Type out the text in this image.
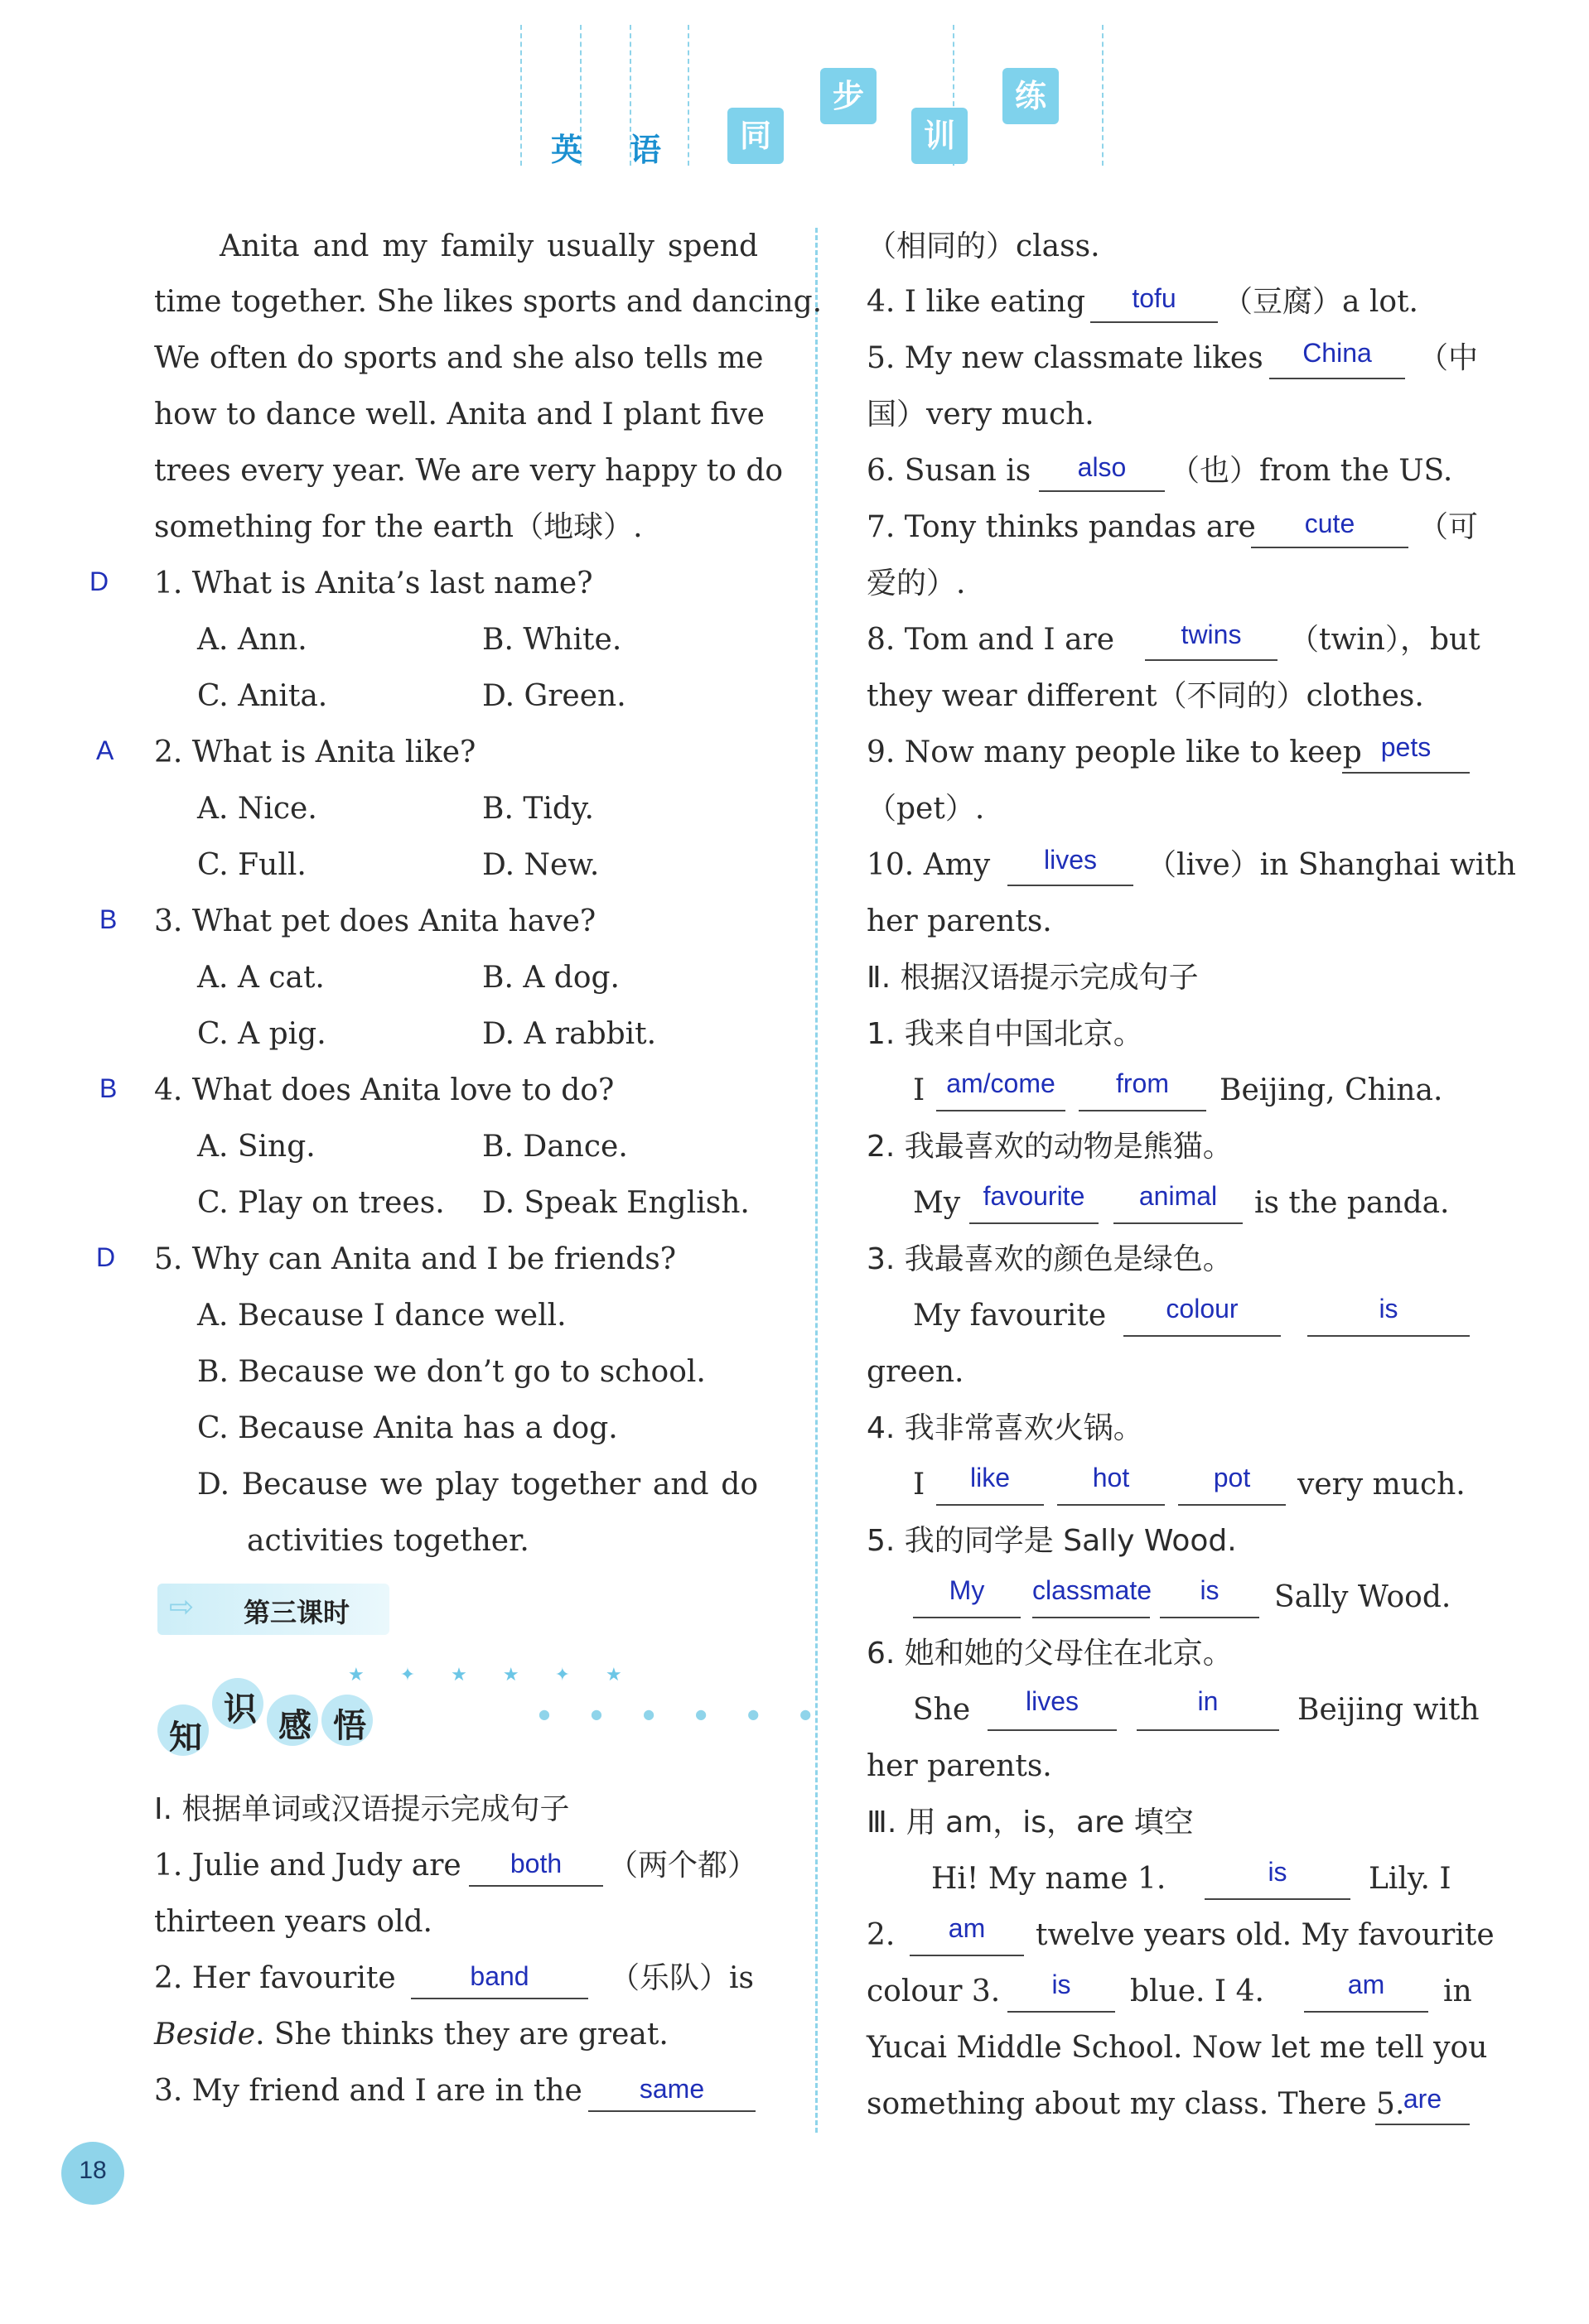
英 语	同
步
训
练
Anita and my family usually spend
time together. She likes sports and dancing.
We often do sports and she also tells me
how to dance well. Anita and I plant five
trees every year. We are very happy to do
something for the earth（地球）.
D 1. What is Anita’s last name?
A. Ann.	B. White.
C. Anita.	D. Green.
A 2. What is Anita like?
A. Nice.	B. Tidy.
C. Full.	D. New.
B 3. What pet does Anita have?
A. A cat.	B. A dog.
C. A pig.	D. A rabbit.
B 4. What does Anita love to do?
A. Sing.	B. Dance.
C. Play on trees. D. Speak English.
D 5. Why can Anita and I be friends?
A. Because I dance well.
B. Because we don’t go to school.
C. Because Anita has a dog.
D. Because we play together and do
activities together.
⇨ 第三课时
知
识 感 悟
★ ✦ ★ ★ ✦ ★
● ● ● ● ● ●
Ⅰ. 根据单词或汉语提示完成句子
1. Julie and Judy are	both	（两个都）
thirteen years old.
2. Her favourite	band	（乐队）is
Beside. She thinks they are great.
3. My friend and I are in the	same
（相同的）class.
4. I like eating	tofu	（豆腐）a lot.
5. My new classmate likes	China	（中
国）very much.
6. Susan is	also	（也）from the US.
7. Tony thinks pandas are	cute	（可
爱的）.
8. Tom and I are	twins	（twin），but
they wear different（不同的）clothes.
9. Now many people like to keep pets
（pet）.
10. Amy	lives	（live）in Shanghai with
her parents.
Ⅱ. 根据汉语提示完成句子
1. 我来自中国北京。
I am/come	from	Beijing, China.
2. 我最喜欢的动物是熊猫。
My favourite	animal	is the panda.
3. 我最喜欢的颜色是绿色。
My favourite	colour	is
green.
4. 我非常喜欢火锅。
I	like	hot	pot	very much.
5. 我的同学是 Sally Wood.
My	classmate	is	Sally Wood.
6. 她和她的父母住在北京。
She	lives	in	Beijing with
her parents.
Ⅲ. 用 am，is，are 填空
Hi! My name 1.	is	Lily. I
2.	am	twelve years old. My favourite
colour 3.	is	blue. I 4.	am	in
Yucai Middle School. Now let me tell you
something about my class. There 5.
are
18
